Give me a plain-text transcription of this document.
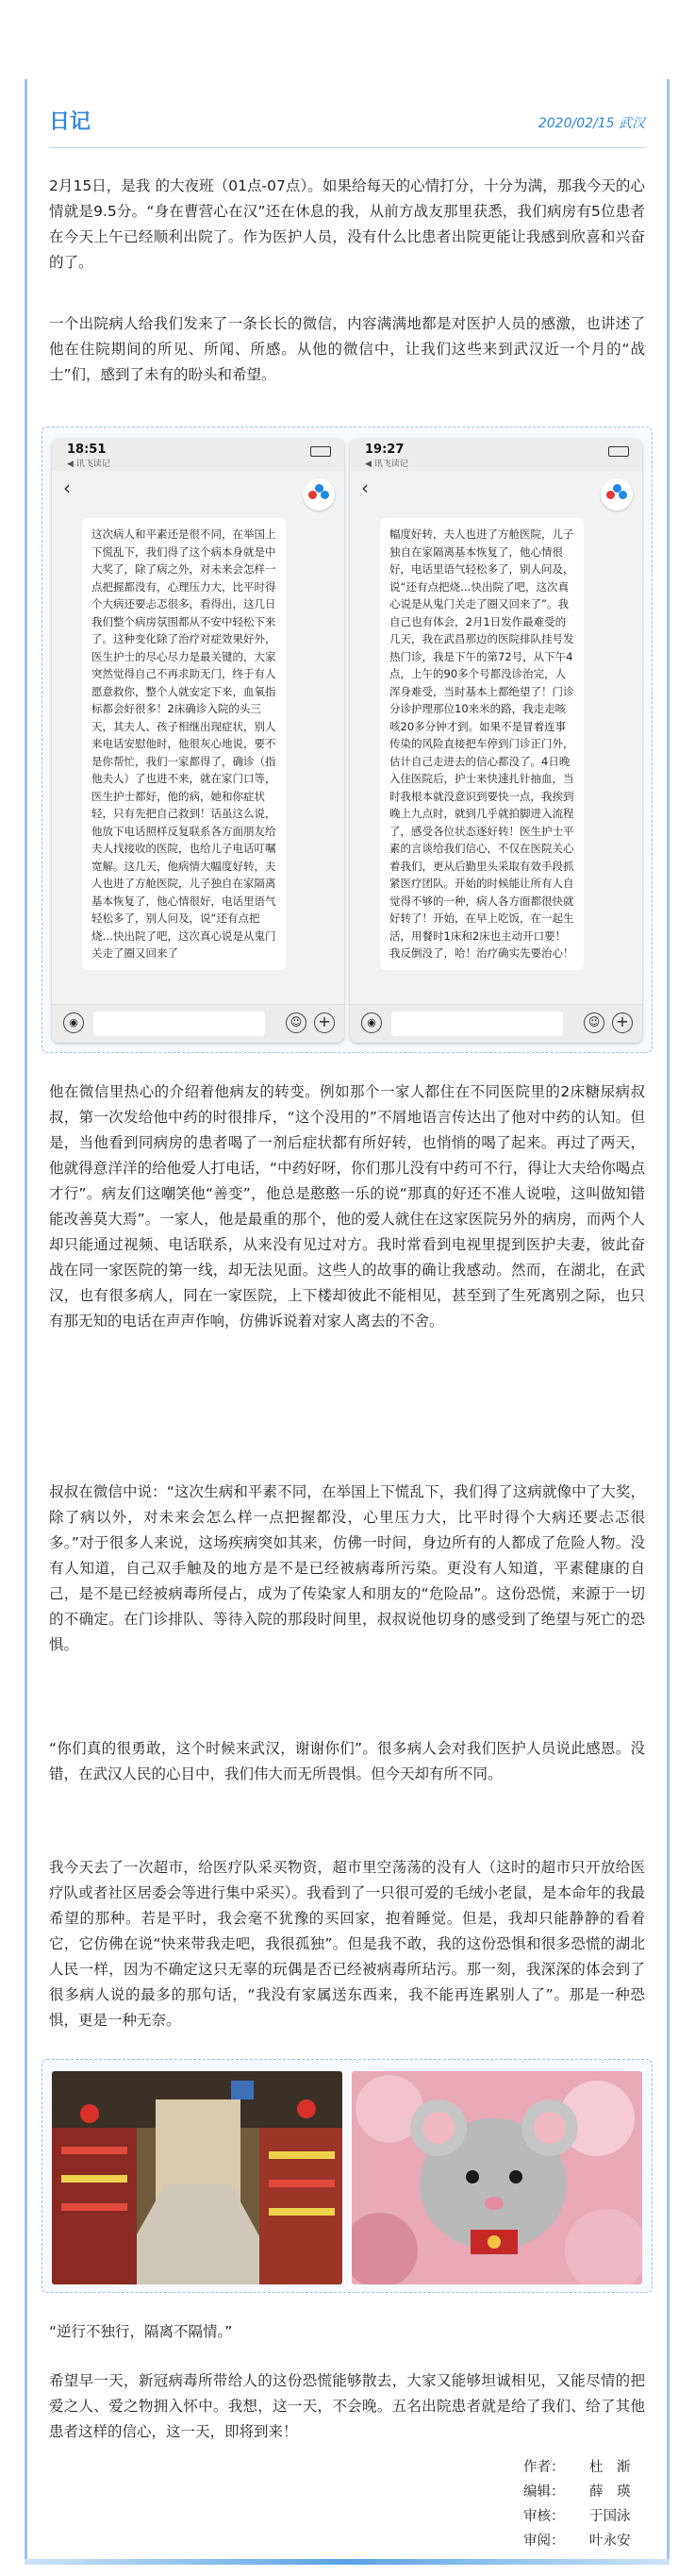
日记	2020/02/15 武汉

2月15日，是我 的大夜班（01点-07点）。如果给每天的心情打分，十分为满，那我今天的心情就是9.5分。“身在曹营心在汉”还在休息的我，从前方战友那里获悉，我们病房有5位患者在今天上午已经顺利出院了。作为医护人员，没有什么比患者出院更能让我感到欣喜和兴奋的了。

一个出院病人给我们发来了一条长长的微信，内容满满地都是对医护人员的感激，也讲述了他在住院期间的所见、所闻、所感。从他的微信中，让我们这些来到武汉近一个月的“战士”们，感到了未有的盼头和希望。

18:51
◀ 讯飞读记
‹
这次病人和平素还是很不同，在举国上下慌乱下，我们得了这个病本身就是中大奖了，除了病之外，对未来会怎样一点把握都没有，心理压力大，比平时得个大病还要忐忑很多，看得出，这几日我们整个病房氛围都从不安中轻松下来了。这种变化除了治疗对症效果好外，医生护士的尽心尽力是最关键的，大家突然觉得自己不再求助无门，终于有人愿意救你，整个人就安定下来，血氧指标都会好很多！2床确诊入院的头三天，其夫人、孩子相继出现症状，别人来电话安慰他时，他很灰心地说，要不是你帮忙，我们一家都得了，确诊（指他夫人）了也进不来，就在家门口等，医生护士都好，他的病，她和你症状轻，只有先把自己救到！话虽这么说，他放下电话照样反复联系各方面朋友给夫人找接收的医院，也给儿子电话叮嘱宽解。这几天，他病情大幅度好转，夫人也进了方舱医院，儿子独自在家隔离基本恢复了，他心情很好，电话里语气轻松多了，别人问及，说“还有点把烧…快出院了吧，这次真心说是从鬼门关走了圈又回来了
◉	☺ +
19:27
◀ 讯飞读记
‹
幅度好转，夫人也进了方舱医院，儿子独自在家隔离基本恢复了，他心情很好，电话里语气轻松多了，别人问及，说“还有点把烧…快出院了吧，这次真心说是从鬼门关走了圈又回来了”。我自己也有体会，2月1日发作最难受的几天，我在武昌那边的医院排队挂号发热门诊，我是下午的第72号，从下午4点，上午的90多个号都没诊治完，人浑身难受，当时基本上都绝望了！门诊分诊护理那位10来米的路，我走走咳咳20多分钟才到。如果不是冒着连事传染的风险直接把车停到门诊正门外，估计自己走进去的信心都没了。4日晚入住医院后，护士来快速扎针抽血，当时我根本就没意识到要快一点，我挨到晚上九点时，就到几乎就拍脚进入流程了，感受各位状态逐好转！医生护士平素的言谈给我们信心，不仅在医院关心着我们，更从后勤里头采取有效手段抓紧医疗团队。开始的时候能让所有人自觉得不够的一种，病人各方面都很快就好转了！开始，在早上吃饭，在一起生活，用餐时1床和2床也主动开口要！我反倒没了，哈！治疗确实先要治心！
◉	☺ +

他在微信里热心的介绍着他病友的转变。例如那个一家人都住在不同医院里的2床糖尿病叔叔，第一次发给他中药的时很排斥，“这个没用的”不屑地语言传达出了他对中药的认知。但是，当他看到同病房的患者喝了一剂后症状都有所好转，也悄悄的喝了起来。再过了两天，他就得意洋洋的给他爱人打电话，“中药好呀，你们那儿没有中药可不行，得让大夫给你喝点才行”。病友们这嘲笑他“善变”，他总是憨憨一乐的说“那真的好还不准人说啦，这叫做知错能改善莫大焉”。一家人，他是最重的那个，他的爱人就住在这家医院另外的病房，而两个人却只能通过视频、电话联系，从来没有见过对方。我时常看到电视里提到医护夫妻，彼此奋战在同一家医院的第一线，却无法见面。这些人的故事的确让我感动。然而，在湖北，在武汉，也有很多病人，同在一家医院，上下楼却彼此不能相见，甚至到了生死离别之际，也只有那无知的电话在声声作响，仿佛诉说着对家人离去的不舍。

叔叔在微信中说：“这次生病和平素不同，在举国上下慌乱下，我们得了这病就像中了大奖，除了病以外，对未来会怎么样一点把握都没，心里压力大，比平时得个大病还要忐忑很多。”对于很多人来说，这场疾病突如其来，仿佛一时间，身边所有的人都成了危险人物。没有人知道，自己双手触及的地方是不是已经被病毒所污染。更没有人知道，平素健康的自己，是不是已经被病毒所侵占，成为了传染家人和朋友的“危险品”。这份恐慌，来源于一切的不确定。在门诊排队、等待入院的那段时间里，叔叔说他切身的感受到了绝望与死亡的恐惧。

“你们真的很勇敢，这个时候来武汉，谢谢你们”。很多病人会对我们医护人员说此感恩。没错，在武汉人民的心目中，我们伟大而无所畏惧。但今天却有所不同。

我今天去了一次超市，给医疗队采买物资，超市里空荡荡的没有人（这时的超市只开放给医疗队或者社区居委会等进行集中采买）。我看到了一只很可爱的毛绒小老鼠，是本命年的我最希望的那种。若是平时，我会毫不犹豫的买回家，抱着睡觉。但是，我却只能静静的看着它，它仿佛在说“快来带我走吧，我很孤独”。但是我不敢，我的这份恐惧和很多恐慌的湖北人民一样，因为不确定这只无辜的玩偶是否已经被病毒所玷污。那一刻，我深深的体会到了很多病人说的最多的那句话，“我没有家属送东西来，我不能再连累别人了”。那是一种恐惧，更是一种无奈。

“逆行不独行，隔离不隔情。”

希望早一天，新冠病毒所带给人的这份恐慌能够散去，大家又能够坦诚相见，又能尽情的把爱之人、爱之物拥入怀中。我想，这一天，不会晚。五名出院患者就是给了我们、给了其他患者这样的信心，这一天，即将到来！

作者：	杜　渐
编辑：	薛　瑛
审核：	于国泳
审阅：	叶永安
